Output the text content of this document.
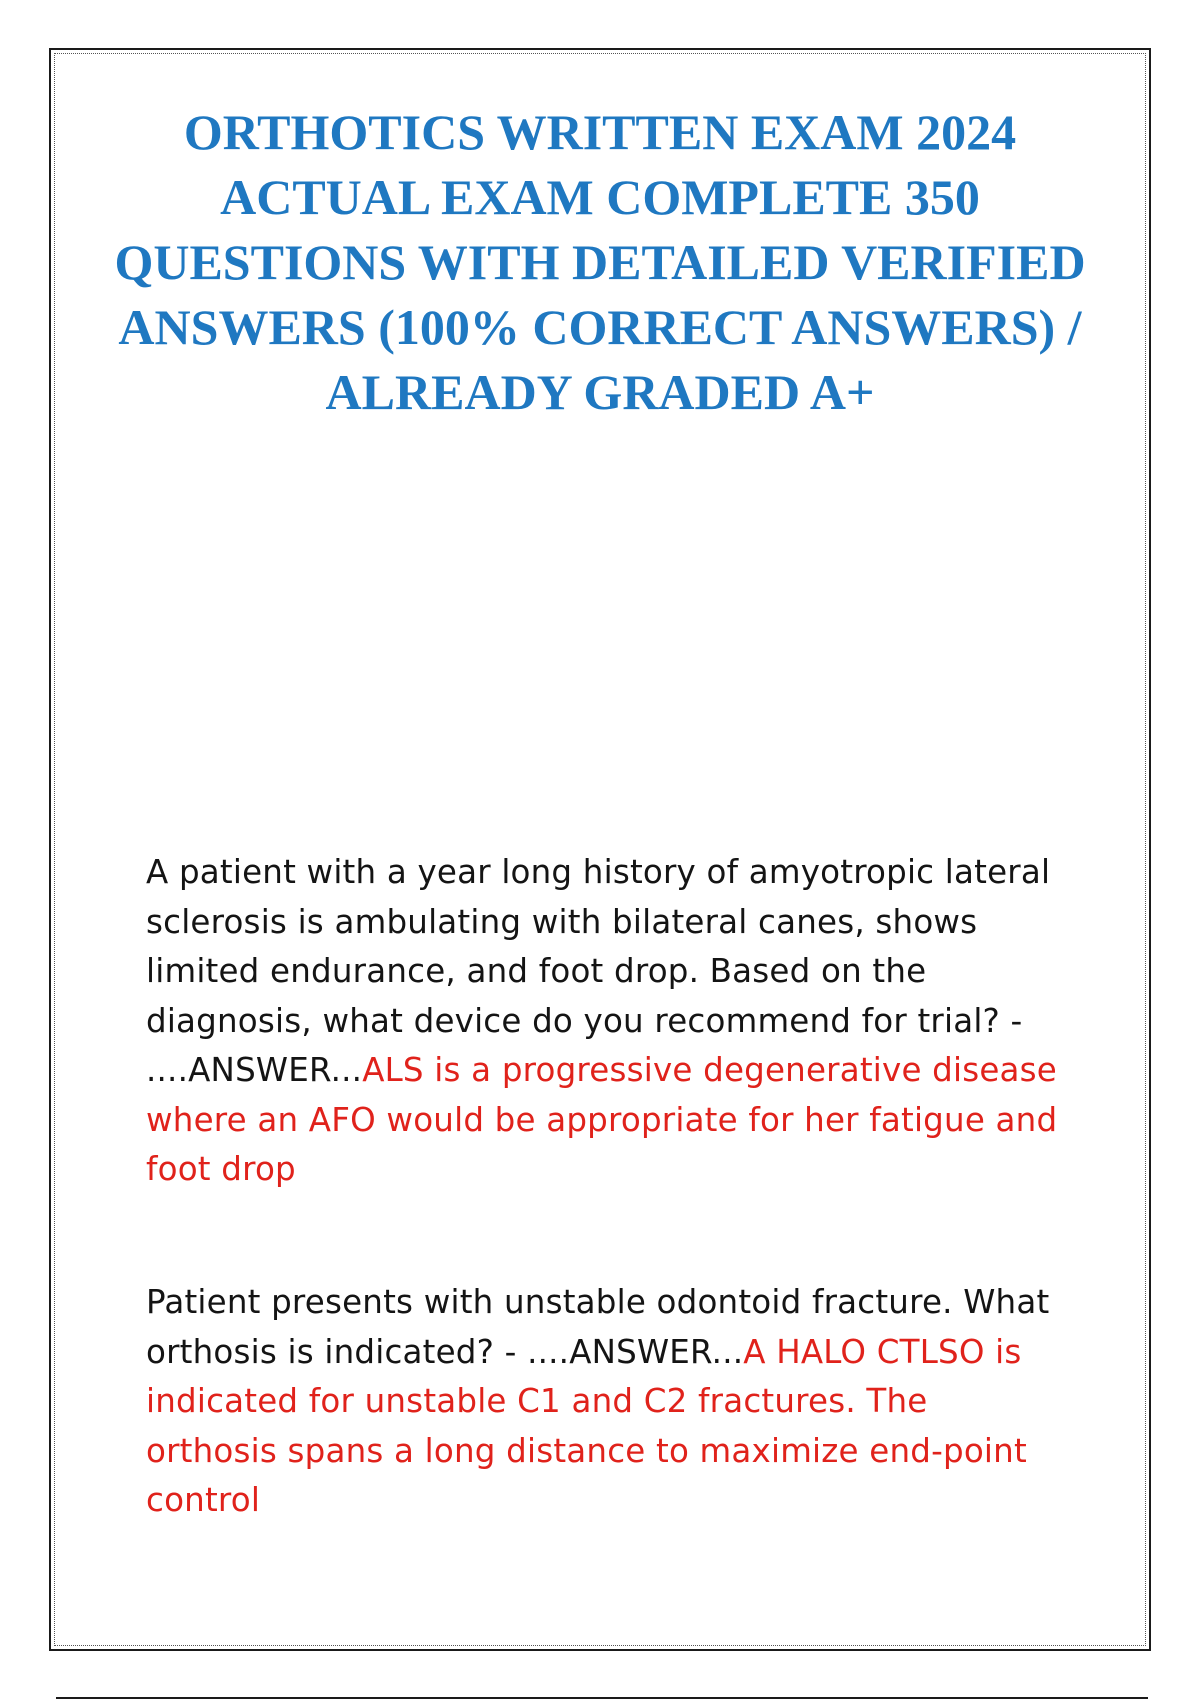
ORTHOTICS WRITTEN EXAM 2024 ACTUAL EXAM COMPLETE 350 QUESTIONS WITH DETAILED VERIFIED ANSWERS (100% CORRECT ANSWERS) / ALREADY GRADED A+

A patient with a year long history of amyotropic lateral sclerosis is ambulating with bilateral canes, shows limited endurance, and foot drop. Based on the diagnosis, what device do you recommend for trial? - ....ANSWER...ALS is a progressive degenerative disease where an AFO would be appropriate for her fatigue and foot drop

Patient presents with unstable odontoid fracture. What orthosis is indicated? - ....ANSWER...A HALO CTLSO is indicated for unstable C1 and C2 fractures. The orthosis spans a long distance to maximize end-point control
